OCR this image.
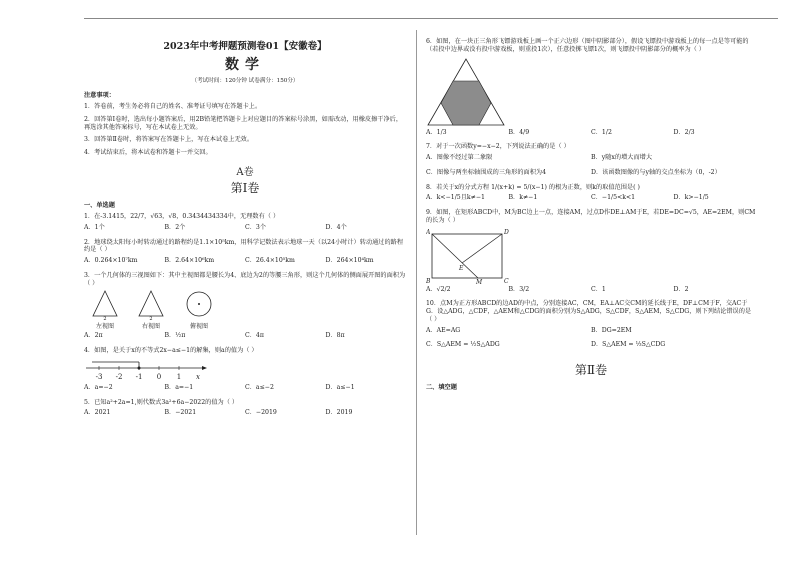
2023年中考押题预测卷01【安徽卷】
数学
（考试时间：120分钟 试卷满分：150分）
注意事项：

1．答卷前，考生务必将自己的姓名、准考证号填写在答题卡上。

2．回答第Ⅰ卷时，选出每小题答案后，用2B铅笔把答题卡上对应题目的答案标号涂黑，如需改动，用橡皮擦干净后，再选涂其他答案标号，写在本试卷上无效。

3．回答第Ⅱ卷时，将答案写在答题卡上，写在本试卷上无效。

4．考试结束后，将本试卷和答题卡一并交回。

A卷
第Ⅰ卷
一、单选题
1．在-3.1415，22/7，√63，√8，0.3434434334中，无理数有（ ）
A．1个	B．2个	C．3个	D．4个
2．地球绕太阳每小时转动通过的路程约是1.1×10⁵km，用科学记数法表示地球一天（以24小时计）转动通过的路程约是（ ）
A．0.264×10⁷km	B．2.64×10⁶km	C．26.4×10⁵km	D．264×10⁴km
3．一个几何体的三视图如下：其中主视图都是腰长为4、底边为2的等腰三角形，则这个几何体的侧面展开图的面积为（ ）
2
左视图
2
右视图	俯视图
A．2π	B．½π	C．4π	D．8π
4．如图，是关于x的不等式2x−a≤−1的解集，则a的值为（ ）
-3 -2 -1 0 1 x
A．a=−2	B．a=−1	C．a≤−2	D．a≤−1
5．已知a²+2a=1,则代数式3a²+6a−2022的值为（ ）
A．2021	B．−2021	C．−2019	D．2019
6．如图，在一块正三角形飞镖游戏板上画一个正六边形（图中阴影部分），假设飞镖投中游戏板上的每一点是等可能的（若投中边界或没有投中游戏板，则重投1次），任意投掷飞镖1次，则飞镖投中阴影部分的概率为（ ）
A．1/3	B．4/9	C．1/2	D．2/3
7．对于一次函数y=−x−2，下列说法正确的是（ ）
A．图像不经过第二象限	B．y随x的增大而增大
C．图像与两坐标轴围成的三角形的面积为4	D．该函数图像的与y轴的交点坐标为（0，-2）
8．若关于x的分式方程 1/(x+k) = 5/(x−1) 的根为正数，则k的取值范围是( )
A．k<−1/5且k≠−1	B．k≠−1	C．−1/5<k<1	D．k>−1/5
9．如图，在矩形ABCD中，M为BC边上一点，连接AM，过点D作DE⊥AM于E，若DE=DC=√5，AE=2EM，则CM的长为（ ）
A	D
B	M	C
E
A．√2/2	B．3/2	C．1	D．2
10．点M为正方形ABCD的边AD的中点，分别连接AC，CM，EA⊥AC交CM的延长线于E，DF⊥CM于F，交AC于G．设△ADG，△CDF，△AEM和△CDG的面积分别为S△ADG，S△CDF，S△AEM，S△CDG，则下列结论错误的是（ ）
A．AE=AG	B．DG=2EM
C．S△AEM = ½S△ADG	D．S△AEM = ⅓S△CDG
第Ⅱ卷
二、填空题
